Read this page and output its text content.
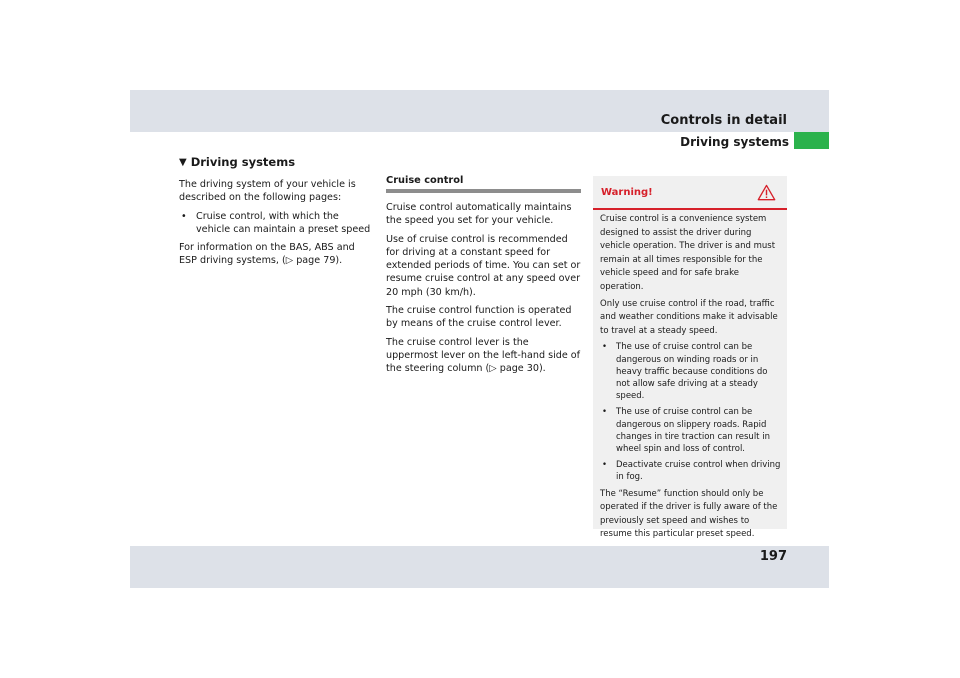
Controls in detail
Driving systems
▼ Driving systems

The driving system of your vehicle is described on the following pages:

• Cruise control, with which the vehicle can maintain a preset speed

For information on the BAS, ABS and ESP driving systems, (▷ page 79).

Cruise control

Cruise control automatically maintains the speed you set for your vehicle.

Use of cruise control is recommended for driving at a constant speed for extended periods of time. You can set or resume cruise control at any speed over 20 mph (30 km/h).

The cruise control function is operated by means of the cruise control lever.

The cruise control lever is the uppermost lever on the left-hand side of the steering column (▷ page 30).

Warning!

Cruise control is a convenience system designed to assist the driver during vehicle operation. The driver is and must remain at all times responsible for the vehicle speed and for safe brake operation.

Only use cruise control if the road, traffic and weather conditions make it advisable to travel at a steady speed.

• The use of cruise control can be dangerous on winding roads or in heavy traffic because conditions do not allow safe driving at a steady speed.
• The use of cruise control can be dangerous on slippery roads. Rapid changes in tire traction can result in wheel spin and loss of control.
• Deactivate cruise control when driving in fog.

The “Resume” function should only be operated if the driver is fully aware of the previously set speed and wishes to resume this particular preset speed.

197
